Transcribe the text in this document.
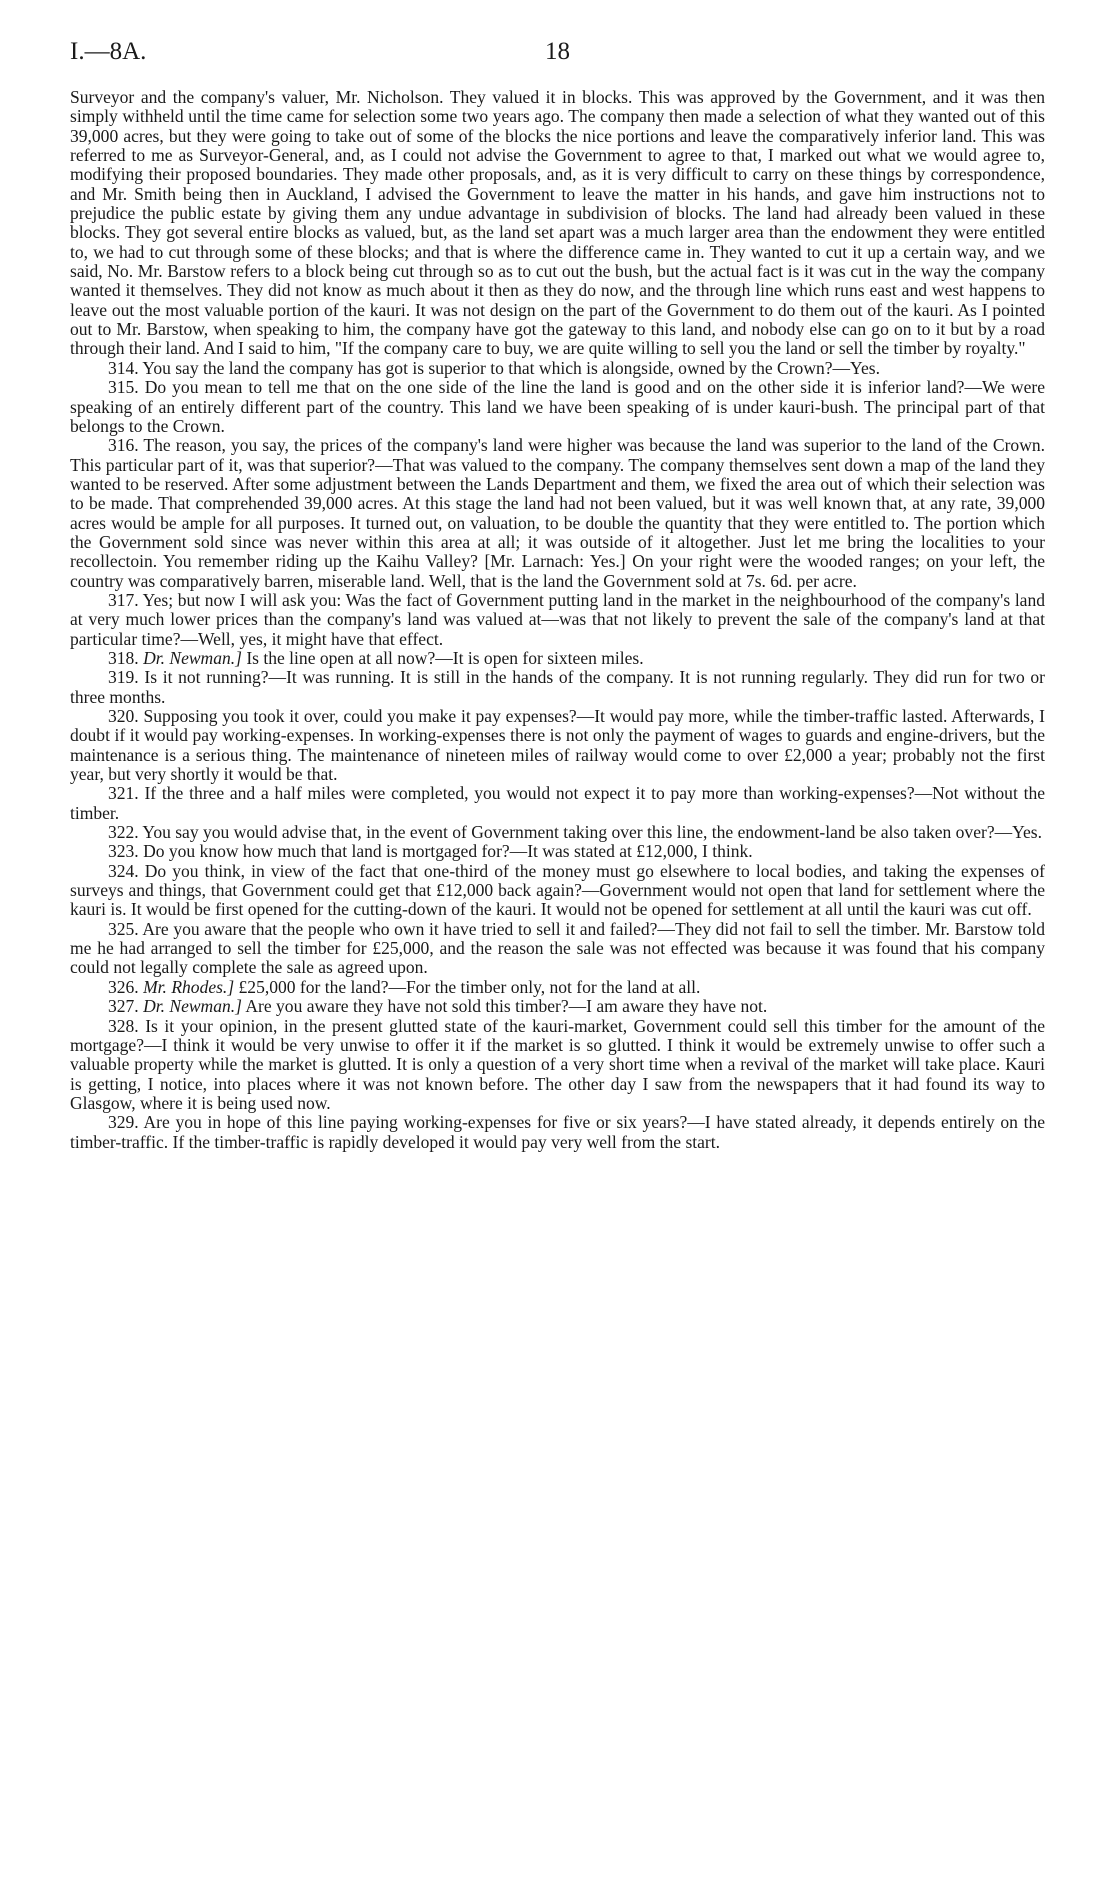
I.—8A.	18

Surveyor and the company's valuer, Mr. Nicholson. They valued it in blocks. This was approved by the Government, and it was then simply withheld until the time came for selection some two years ago. The company then made a selection of what they wanted out of this 39,000 acres, but they were going to take out of some of the blocks the nice portions and leave the comparatively inferior land. This was referred to me as Surveyor-General, and, as I could not advise the Government to agree to that, I marked out what we would agree to, modifying their proposed boundaries. They made other proposals, and, as it is very difficult to carry on these things by correspondence, and Mr. Smith being then in Auckland, I advised the Government to leave the matter in his hands, and gave him instructions not to prejudice the public estate by giving them any undue advantage in subdivision of blocks. The land had already been valued in these blocks. They got several entire blocks as valued, but, as the land set apart was a much larger area than the endowment they were entitled to, we had to cut through some of these blocks; and that is where the difference came in. They wanted to cut it up a certain way, and we said, No. Mr. Barstow refers to a block being cut through so as to cut out the bush, but the actual fact is it was cut in the way the company wanted it themselves. They did not know as much about it then as they do now, and the through line which runs east and west happens to leave out the most valuable portion of the kauri. It was not design on the part of the Government to do them out of the kauri. As I pointed out to Mr. Barstow, when speaking to him, the company have got the gateway to this land, and nobody else can go on to it but by a road through their land. And I said to him, "If the company care to buy, we are quite willing to sell you the land or sell the timber by royalty."

314. You say the land the company has got is superior to that which is alongside, owned by the Crown?—Yes.

315. Do you mean to tell me that on the one side of the line the land is good and on the other side it is inferior land?—We were speaking of an entirely different part of the country. This land we have been speaking of is under kauri-bush. The principal part of that belongs to the Crown.

316. The reason, you say, the prices of the company's land were higher was because the land was superior to the land of the Crown. This particular part of it, was that superior?—That was valued to the company. The company themselves sent down a map of the land they wanted to be reserved. After some adjustment between the Lands Department and them, we fixed the area out of which their selection was to be made. That comprehended 39,000 acres. At this stage the land had not been valued, but it was well known that, at any rate, 39,000 acres would be ample for all purposes. It turned out, on valuation, to be double the quantity that they were entitled to. The portion which the Government sold since was never within this area at all; it was outside of it altogether. Just let me bring the localities to your recollectoin. You remember riding up the Kaihu Valley? [Mr. Larnach: Yes.] On your right were the wooded ranges; on your left, the country was comparatively barren, miserable land. Well, that is the land the Government sold at 7s. 6d. per acre.

317. Yes; but now I will ask you: Was the fact of Government putting land in the market in the neighbourhood of the company's land at very much lower prices than the company's land was valued at—was that not likely to prevent the sale of the company's land at that particular time?—Well, yes, it might have that effect.

318. Dr. Newman.] Is the line open at all now?—It is open for sixteen miles.

319. Is it not running?—It was running. It is still in the hands of the company. It is not running regularly. They did run for two or three months.

320. Supposing you took it over, could you make it pay expenses?—It would pay more, while the timber-traffic lasted. Afterwards, I doubt if it would pay working-expenses. In working-expenses there is not only the payment of wages to guards and engine-drivers, but the maintenance is a serious thing. The maintenance of nineteen miles of railway would come to over £2,000 a year; probably not the first year, but very shortly it would be that.

321. If the three and a half miles were completed, you would not expect it to pay more than working-expenses?—Not without the timber.

322. You say you would advise that, in the event of Government taking over this line, the endowment-land be also taken over?—Yes.

323. Do you know how much that land is mortgaged for?—It was stated at £12,000, I think.

324. Do you think, in view of the fact that one-third of the money must go elsewhere to local bodies, and taking the expenses of surveys and things, that Government could get that £12,000 back again?—Government would not open that land for settlement where the kauri is. It would be first opened for the cutting-down of the kauri. It would not be opened for settlement at all until the kauri was cut off.

325. Are you aware that the people who own it have tried to sell it and failed?—They did not fail to sell the timber. Mr. Barstow told me he had arranged to sell the timber for £25,000, and the reason the sale was not effected was because it was found that his company could not legally complete the sale as agreed upon.

326. Mr. Rhodes.] £25,000 for the land?—For the timber only, not for the land at all.

327. Dr. Newman.] Are you aware they have not sold this timber?—I am aware they have not.

328. Is it your opinion, in the present glutted state of the kauri-market, Government could sell this timber for the amount of the mortgage?—I think it would be very unwise to offer it if the market is so glutted. I think it would be extremely unwise to offer such a valuable property while the market is glutted. It is only a question of a very short time when a revival of the market will take place. Kauri is getting, I notice, into places where it was not known before. The other day I saw from the newspapers that it had found its way to Glasgow, where it is being used now.

329. Are you in hope of this line paying working-expenses for five or six years?—I have stated already, it depends entirely on the timber-traffic. If the timber-traffic is rapidly developed it would pay very well from the start.
